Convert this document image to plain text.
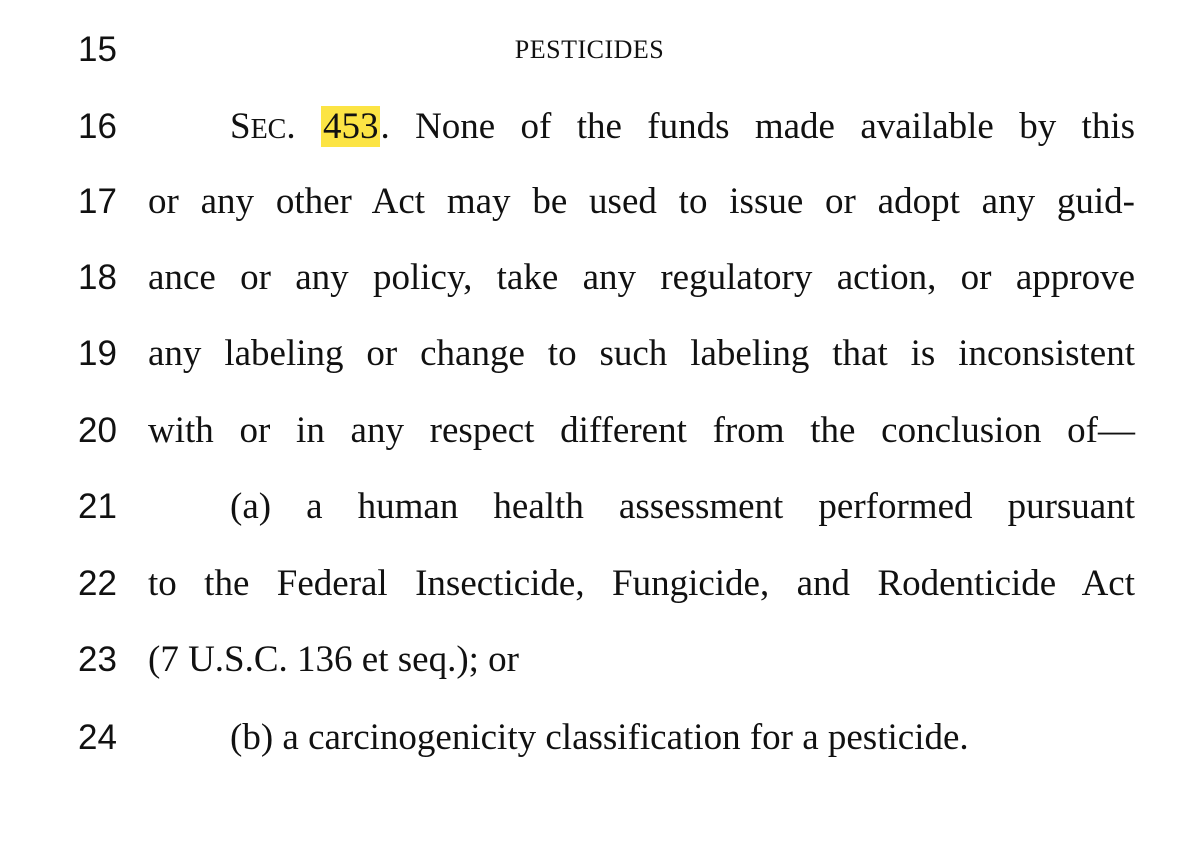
15	PESTICIDES
16	SEC. 453. None of the funds made available by this
17 or any other Act may be used to issue or adopt any guid-
18 ance or any policy, take any regulatory action, or approve
19 any labeling or change to such labeling that is inconsistent
20 with or in any respect different from the conclusion of—
21	(a) a human health assessment performed pursuant
22 to the Federal Insecticide, Fungicide, and Rodenticide Act
23 (7 U.S.C. 136 et seq.); or
24	(b) a carcinogenicity classification for a pesticide.
